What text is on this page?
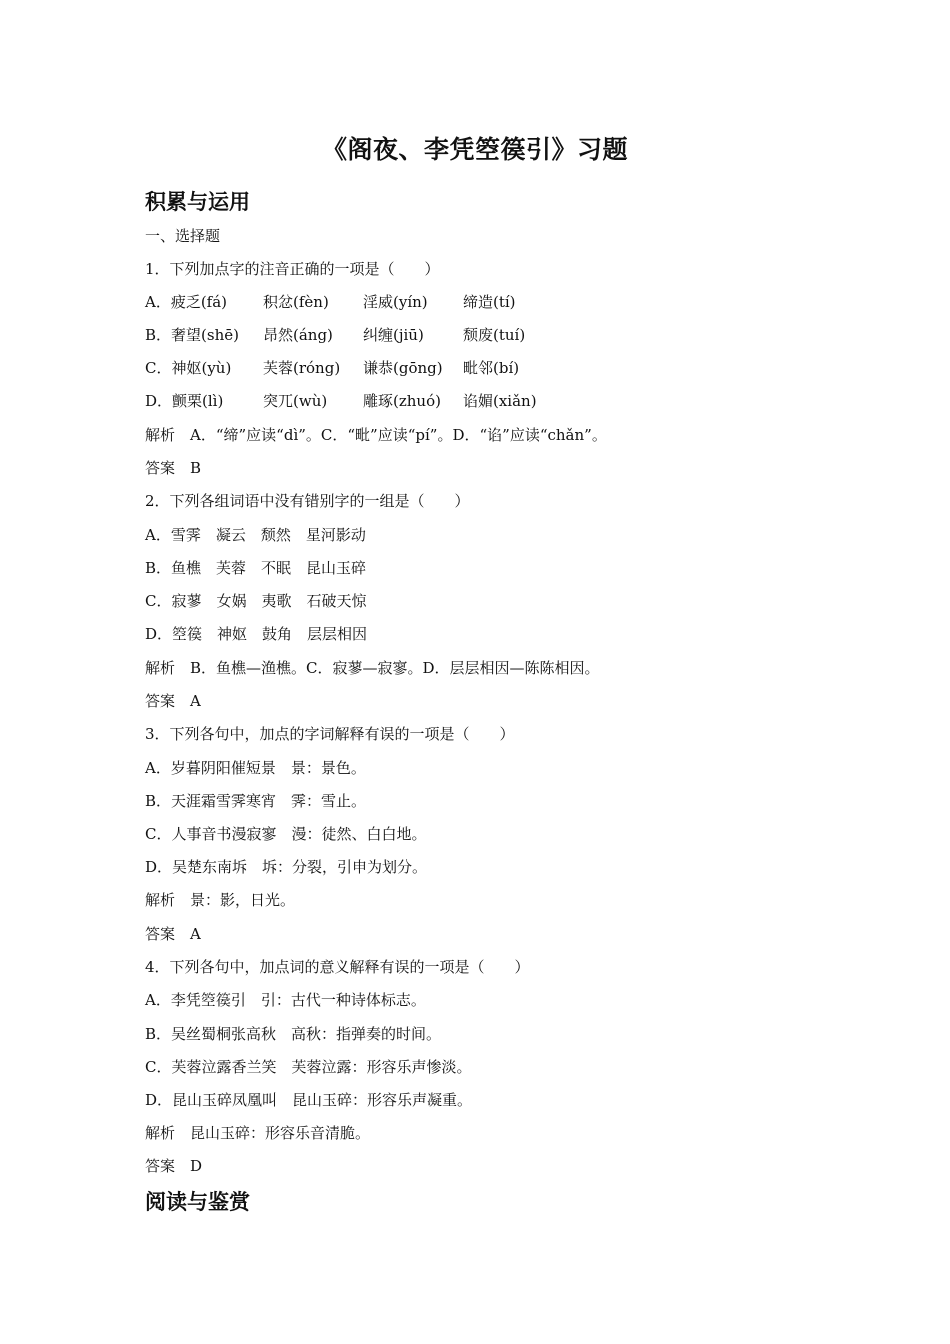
《阁夜、李凭箜篌引》习题
积累与运用
一、选择题
1．下列加点字的注音正确的一项是（　　）
A．疲乏(fá) 积忿(fèn) 淫威(yín) 缔造(tí)
B．奢望(shē) 昂然(áng) 纠缠(jiū)	颓废(tuí)
C．神妪(yù) 芙蓉(róng) 谦恭(gōng) 毗邻(bí)
D．颤栗(lì)	突兀(wù) 雕琢(zhuó) 谄媚(xiǎn)
解析　A．“缔”应读“dì”。C．“毗”应读“pí”。D．“谄”应读“chǎn”。
答案　B
2．下列各组词语中没有错别字的一组是（　　）
A．雪霁　凝云　颓然　星河影动
B．鱼樵　芙蓉　不眠　昆山玉碎
C．寂蓼　女娲　夷歌　石破天惊
D．箜篌　神妪　鼓角　层层相因
解析　B．鱼樵—渔樵。C．寂蓼—寂寥。D．层层相因—陈陈相因。
答案　A
3．下列各句中，加点的字词解释有误的一项是（　　）
A．岁暮阴阳催短景　景：景色。
B．天涯霜雪霁寒宵　霁：雪止。
C．人事音书漫寂寥　漫：徒然、白白地。
D．吴楚东南坼　坼：分裂，引申为划分。
解析　景：影，日光。
答案　A
4．下列各句中，加点词的意义解释有误的一项是（　　）
A．李凭箜篌引　引：古代一种诗体标志。
B．吴丝蜀桐张高秋　高秋：指弹奏的时间。
C．芙蓉泣露香兰笑　芙蓉泣露：形容乐声惨淡。
D．昆山玉碎凤凰叫　昆山玉碎：形容乐声凝重。
解析　昆山玉碎：形容乐音清脆。
答案　D
阅读与鉴赏
